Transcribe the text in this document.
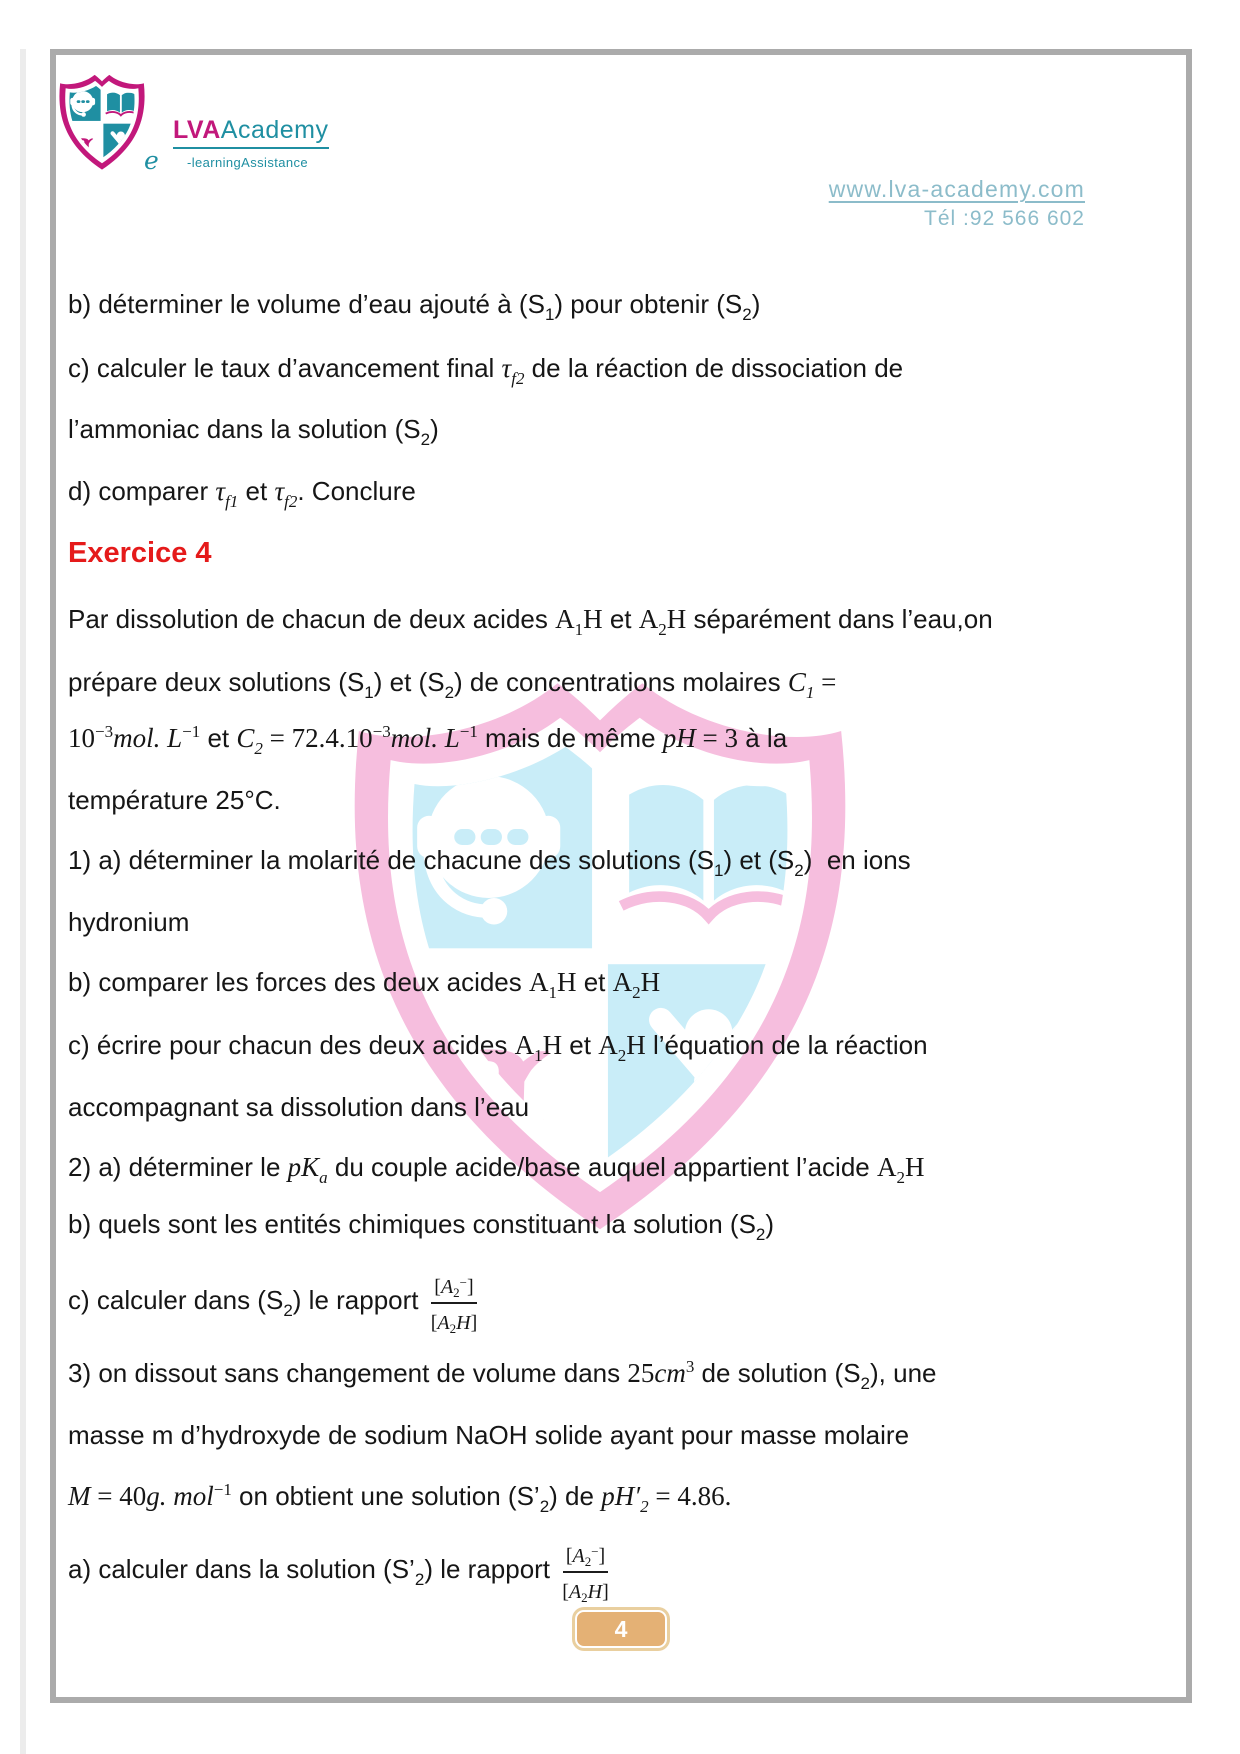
LVAAcademy
e -learningAssistance
www.lva-academy.com
Tél :92 566 602
b) déterminer le volume d’eau ajouté à $(S_1)$ pour obtenir $(S_2)$
c) calculer le taux d’avancement final $\tau_{f2}$ de la réaction de dissociation de
l’ammoniac dans la solution $(S_2)$
d) comparer $\tau_{f1}$ et $\tau_{f2}$. Conclure
Exercice 4
Par dissolution de chacun de deux acides $A_1H$ et $A_2H$ séparément dans l’eau,on
prépare deux solutions $(S_1)$ et $(S_2)$ de concentrations molaires $C_1$ =
$10^{-3}mol$. $L^{-1}$ et $C_2 = 72.4.10^{-3}mol$. $L^{-1}$ mais de même pH = 3 à la
température 25°C.
1) a) déterminer la molarité de chacune des solutions $(S_1)$ et $(S_2)$  en ions
hydronium
b) comparer les forces des deux acides $A_1H$ et $A_2H$
c) écrire pour chacun des deux acides $A_1H$ et $A_2H$ l’équation de la réaction
accompagnant sa dissolution dans l’eau
2) a) déterminer le $pK_a$ du couple acide/base auquel appartient l’acide $A_2H$
b) quels sont les entités chimiques constituant la solution $(S_2)$
c) calculer dans $(S_2)$ le rapport $\frac{[A2^-]}{[A2H]}$
3) on dissout sans changement de volume dans $25cm^3$ de solution $(S_2)$, une
masse m d’hydroxyde de sodium NaOH solide ayant pour masse molaire
M = 40g. mol$^{-1}$ on obtient une solution $(S’_2)$ de $pH'_2 = 4.86$.
a) calculer dans la solution $(S’_2)$ le rapport $\frac{[A2^-]}{[A2H]}$
4
